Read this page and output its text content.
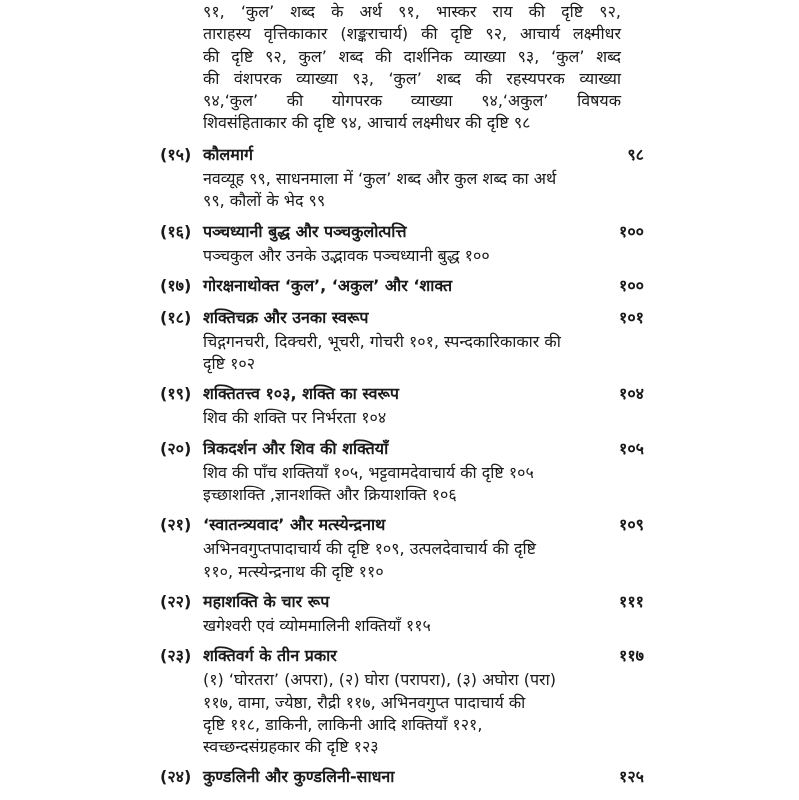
९१, ‘कुल’ शब्द के अर्थ ९१, भास्कर राय की दृष्टि ९२,
ताराहस्य वृत्तिकाकार (शङ्कराचार्य) की दृष्टि ९२, आचार्य लक्ष्मीधर
की दृष्टि ९२, कुल’ शब्द की दार्शनिक व्याख्या ९३, ‘कुल’ शब्द
की वंशपरक व्याख्या ९३, ‘कुल’ शब्द की रहस्यपरक व्याख्या
९४,‘कुल’ की योगपरक व्याख्या ९४,‘अकुल’ विषयक
शिवसंहिताकार की दृष्टि ९४, आचार्य लक्ष्मीधर की दृष्टि ९८
(१५) कौलमार्ग	९८
नवव्यूह ९९, साधनमाला में ‘कुल’ शब्द और कुल शब्द का अर्थ
९९, कौलों के भेद ९९
(१६) पञ्चध्यानी बुद्ध और पञ्चकुलोत्पत्ति	१००
पञ्चकुल और उनके उद्भावक पञ्चध्यानी बुद्ध १००
(१७) गोरक्षनाथोक्त ‘कुल’, ‘अकुल’ और ‘शाक्त	१००
(१८) शक्तिचक्र और उनका स्वरूप	१०१
चिद्गगनचरी, दिक्चरी, भूचरी, गोचरी १०१, स्पन्दकारिकाकार की
दृष्टि १०२
(१९) शक्तितत्त्व १०३, शक्ति का स्वरूप	१०४
शिव की शक्ति पर निर्भरता १०४
(२०) त्रिकदर्शन और शिव की शक्तियाँ	१०५
शिव की पाँच शक्तियाँ १०५, भट्टवामदेवाचार्य की दृष्टि १०५
इच्छाशक्ति ,ज्ञानशक्ति और क्रियाशक्ति १०६
(२१) ‘स्वातन्त्र्यवाद’ और मत्स्येन्द्रनाथ	१०९
अभिनवगुप्तपादाचार्य की दृष्टि १०९, उत्पलदेवाचार्य की दृष्टि
११०, मत्स्येन्द्रनाथ की दृष्टि ११०
(२२) महाशक्ति के चार रूप	१११
खगेश्वरी एवं व्योममालिनी शक्तियाँ ११५
(२३) शक्तिवर्ग के तीन प्रकार	११७
(१) ‘घोरतरा’ (अपरा), (२) घोरा (परापरा), (३) अघोरा (परा)
११७, वामा, ज्येष्ठा, रौद्री ११७, अभिनवगुप्त पादाचार्य की
दृष्टि ११८, डाकिनी, लाकिनी आदि शक्तियाँ १२१,
स्वच्छन्दसंग्रहकार की दृष्टि १२३
(२४) कुण्डलिनी और कुण्डलिनी-साधना	१२५
